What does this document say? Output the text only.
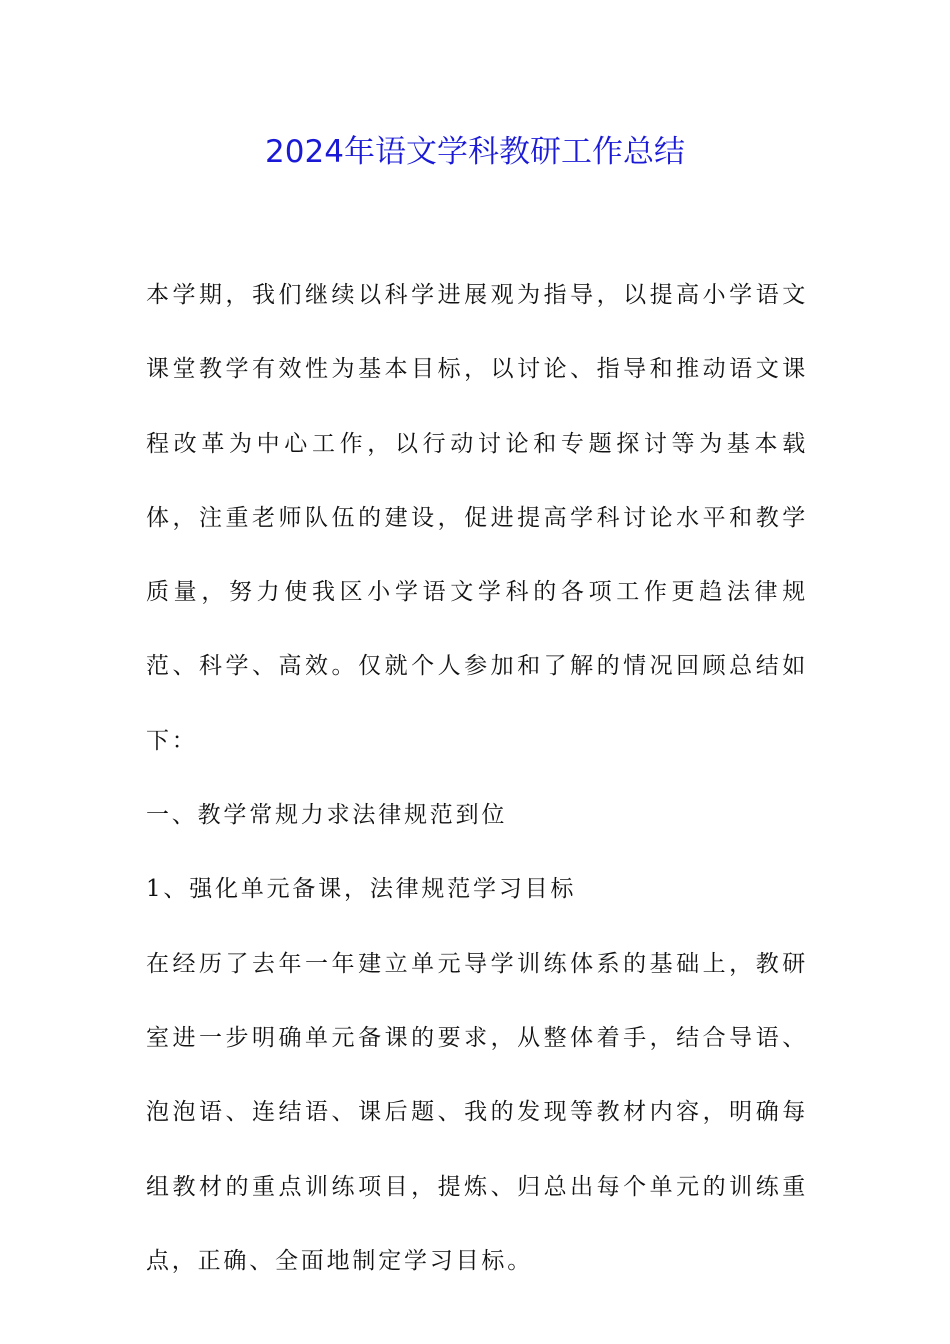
2024年语文学科教研工作总结

本学期，我们继续以科学进展观为指导，以提高小学语文课堂教学有效性为基本目标，以讨论、指导和推动语文课程改革为中心工作，以行动讨论和专题探讨等为基本载体，注重老师队伍的建设，促进提高学科讨论水平和教学质量，努力使我区小学语文学科的各项工作更趋法律规范、科学、高效。仅就个人参加和了解的情况回顾总结如下：

一、教学常规力求法律规范到位

1、强化单元备课，法律规范学习目标

在经历了去年一年建立单元导学训练体系的基础上，教研室进一步明确单元备课的要求，从整体着手，结合导语、泡泡语、连结语、课后题、我的发现等教材内容，明确每组教材的重点训练项目，提炼、归总出每个单元的训练重点，正确、全面地制定学习目标。
